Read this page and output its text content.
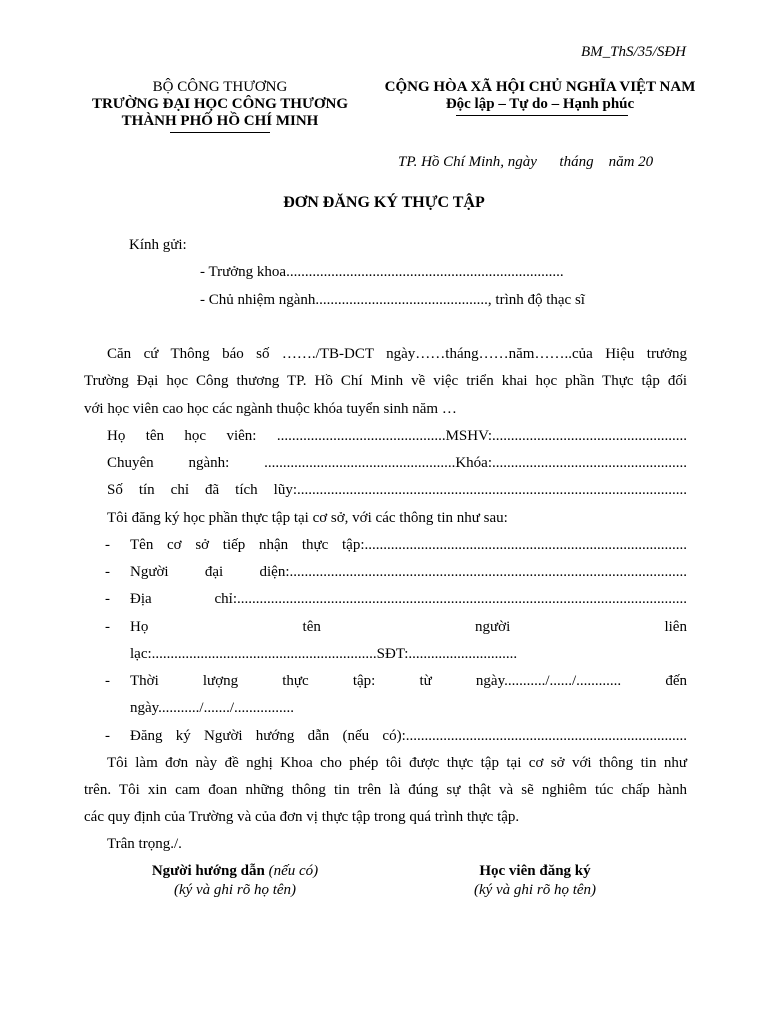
BM_ThS/35/SĐH
BỘ CÔNG THƯƠNG
TRƯỜNG ĐẠI HỌC CÔNG THƯƠNG
THÀNH PHỐ HỒ CHÍ MINH
CỘNG HÒA XÃ HỘI CHỦ NGHĨA VIỆT NAM
Độc lập – Tự do – Hạnh phúc
TP. Hồ Chí Minh, ngày      tháng    năm 20
ĐƠN ĐĂNG KÝ THỰC TẬP
Kính gửi:
- Trưởng khoa..........................................................................
- Chủ nhiệm ngành.............................................., trình độ thạc sĩ
Căn cứ Thông báo số ……./TB-DCT ngày……tháng……năm……..của Hiệu trưởng
Trường Đại học Công thương TP. Hồ Chí Minh về việc triển khai học phần Thực tập đối
với học viên cao học các ngành thuộc khóa tuyển sinh năm …
Họ tên học viên: .............................................MSHV:....................................................
Chuyên ngành: ...................................................Khóa:....................................................
Số tín chỉ đã tích lũy:........................................................................................................
Tôi đăng ký học phần thực tập tại cơ sở, với các thông tin như sau:
- Tên cơ sở tiếp nhận thực tập:......................................................................................
- Người đại diện:..........................................................................................................
- Địa chỉ:........................................................................................................................
- Họ	tên	người	liên
lạc:............................................................SĐT:.............................
- Thời	lượng	thực	tập:	từ	ngày.........../....../............	đến
ngày.........../......./................
- Đăng ký Người hướng dẫn (nếu có):...........................................................................
Tôi làm đơn này đề nghị Khoa cho phép tôi được thực tập tại cơ sở với thông tin như
trên. Tôi xin cam đoan những thông tin trên là đúng sự thật và sẽ nghiêm túc chấp hành
các quy định của Trường và của đơn vị thực tập trong quá trình thực tập.
Trân trọng./.
Người hướng dẫn (nếu có)
(ký và ghi rõ họ tên)
Học viên đăng ký
(ký và ghi rõ họ tên)
